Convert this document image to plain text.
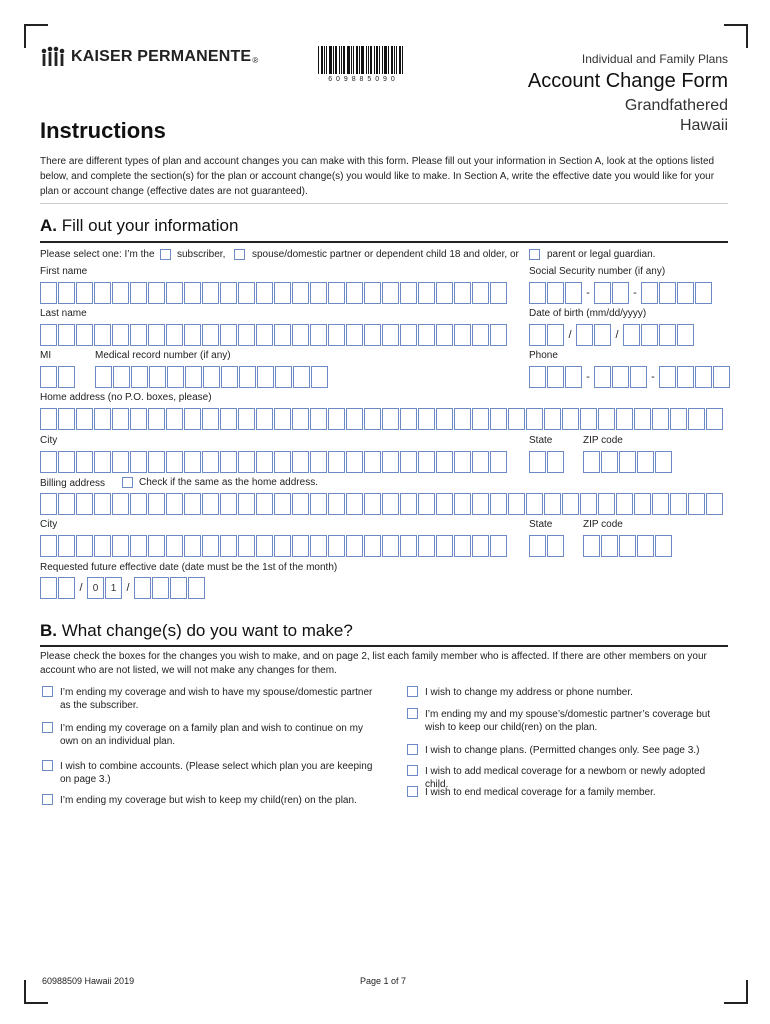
KAISER PERMANENTE ®
6 0 9 8 8 5 0 9 0
Individual and Family Plans
Account Change Form
Grandfathered
Hawaii
Instructions
There are different types of plan and account changes you can make with this form. Please fill out your information in Section A, look at the options listed below, and complete the section(s) for the plan or account change(s) you would like to make. In Section A, write the effective date you would like for your plan or account change (effective dates are not guaranteed).
A. Fill out your information
Please select one: I’m the subscriber,	spouse/domestic partner or dependent child 18 and older, or	parent or legal guardian.
First name	Social Security number (if any)
-	-
Last name	Date of birth (mm/dd/yyyy)
/	/
MI	Medical record number (if any)	Phone
-	-
Home address (no P.O. boxes, please)
City	State	ZIP code
Billing address	Check if the same as the home address.
City	State	ZIP code
Requested future effective date (date must be the 1st of the month)
/	0	1 /
B. What change(s) do you want to make?
Please check the boxes for the changes you wish to make, and on page 2, list each family member who is affected. If there are other members on your account who are not listed, we will not make any changes for them.
I’m ending my coverage and wish to have my spouse/domestic partner as the subscriber.
I’m ending my coverage on a family plan and wish to continue on my own on an individual plan.
I wish to combine accounts. (Please select which plan you are keeping on page 3.)
I’m ending my coverage but wish to keep my child(ren) on the plan.
I wish to change my address or phone number.
I’m ending my and my spouse’s/domestic partner’s coverage but wish to keep our child(ren) on the plan.
I wish to change plans. (Permitted changes only. See page 3.)
I wish to add medical coverage for a newborn or newly adopted child.
I wish to end medical coverage for a family member.
60988509 Hawaii 2019	Page 1 of 7
